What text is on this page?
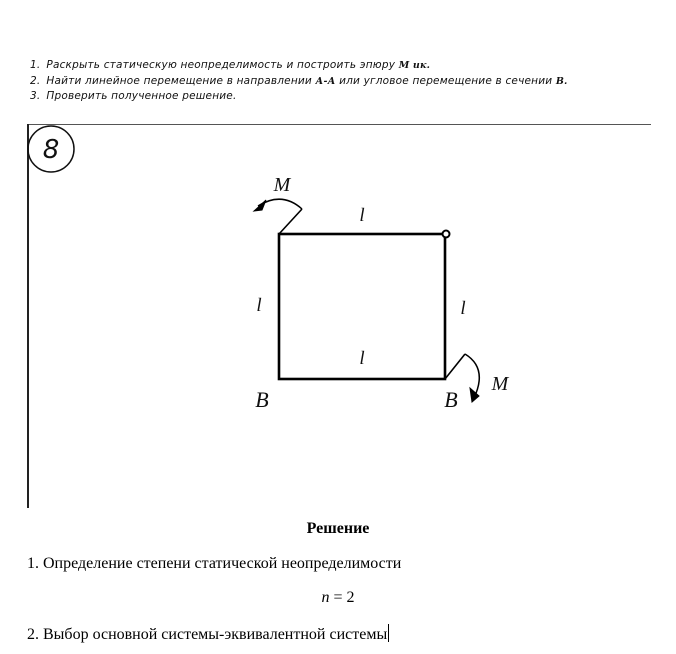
1. Раскрыть статическую неопределимость и построить эпюру М ик.
2. Найти линейное перемещение в направлении А-А или угловое перемещение в сечении В.
3. Проверить полученное решение.
8
M
M
l
l
l	l
B	B
Решение
1. Определение степени статической неопределимости
n = 2
2. Выбор основной системы-эквивалентной системы
